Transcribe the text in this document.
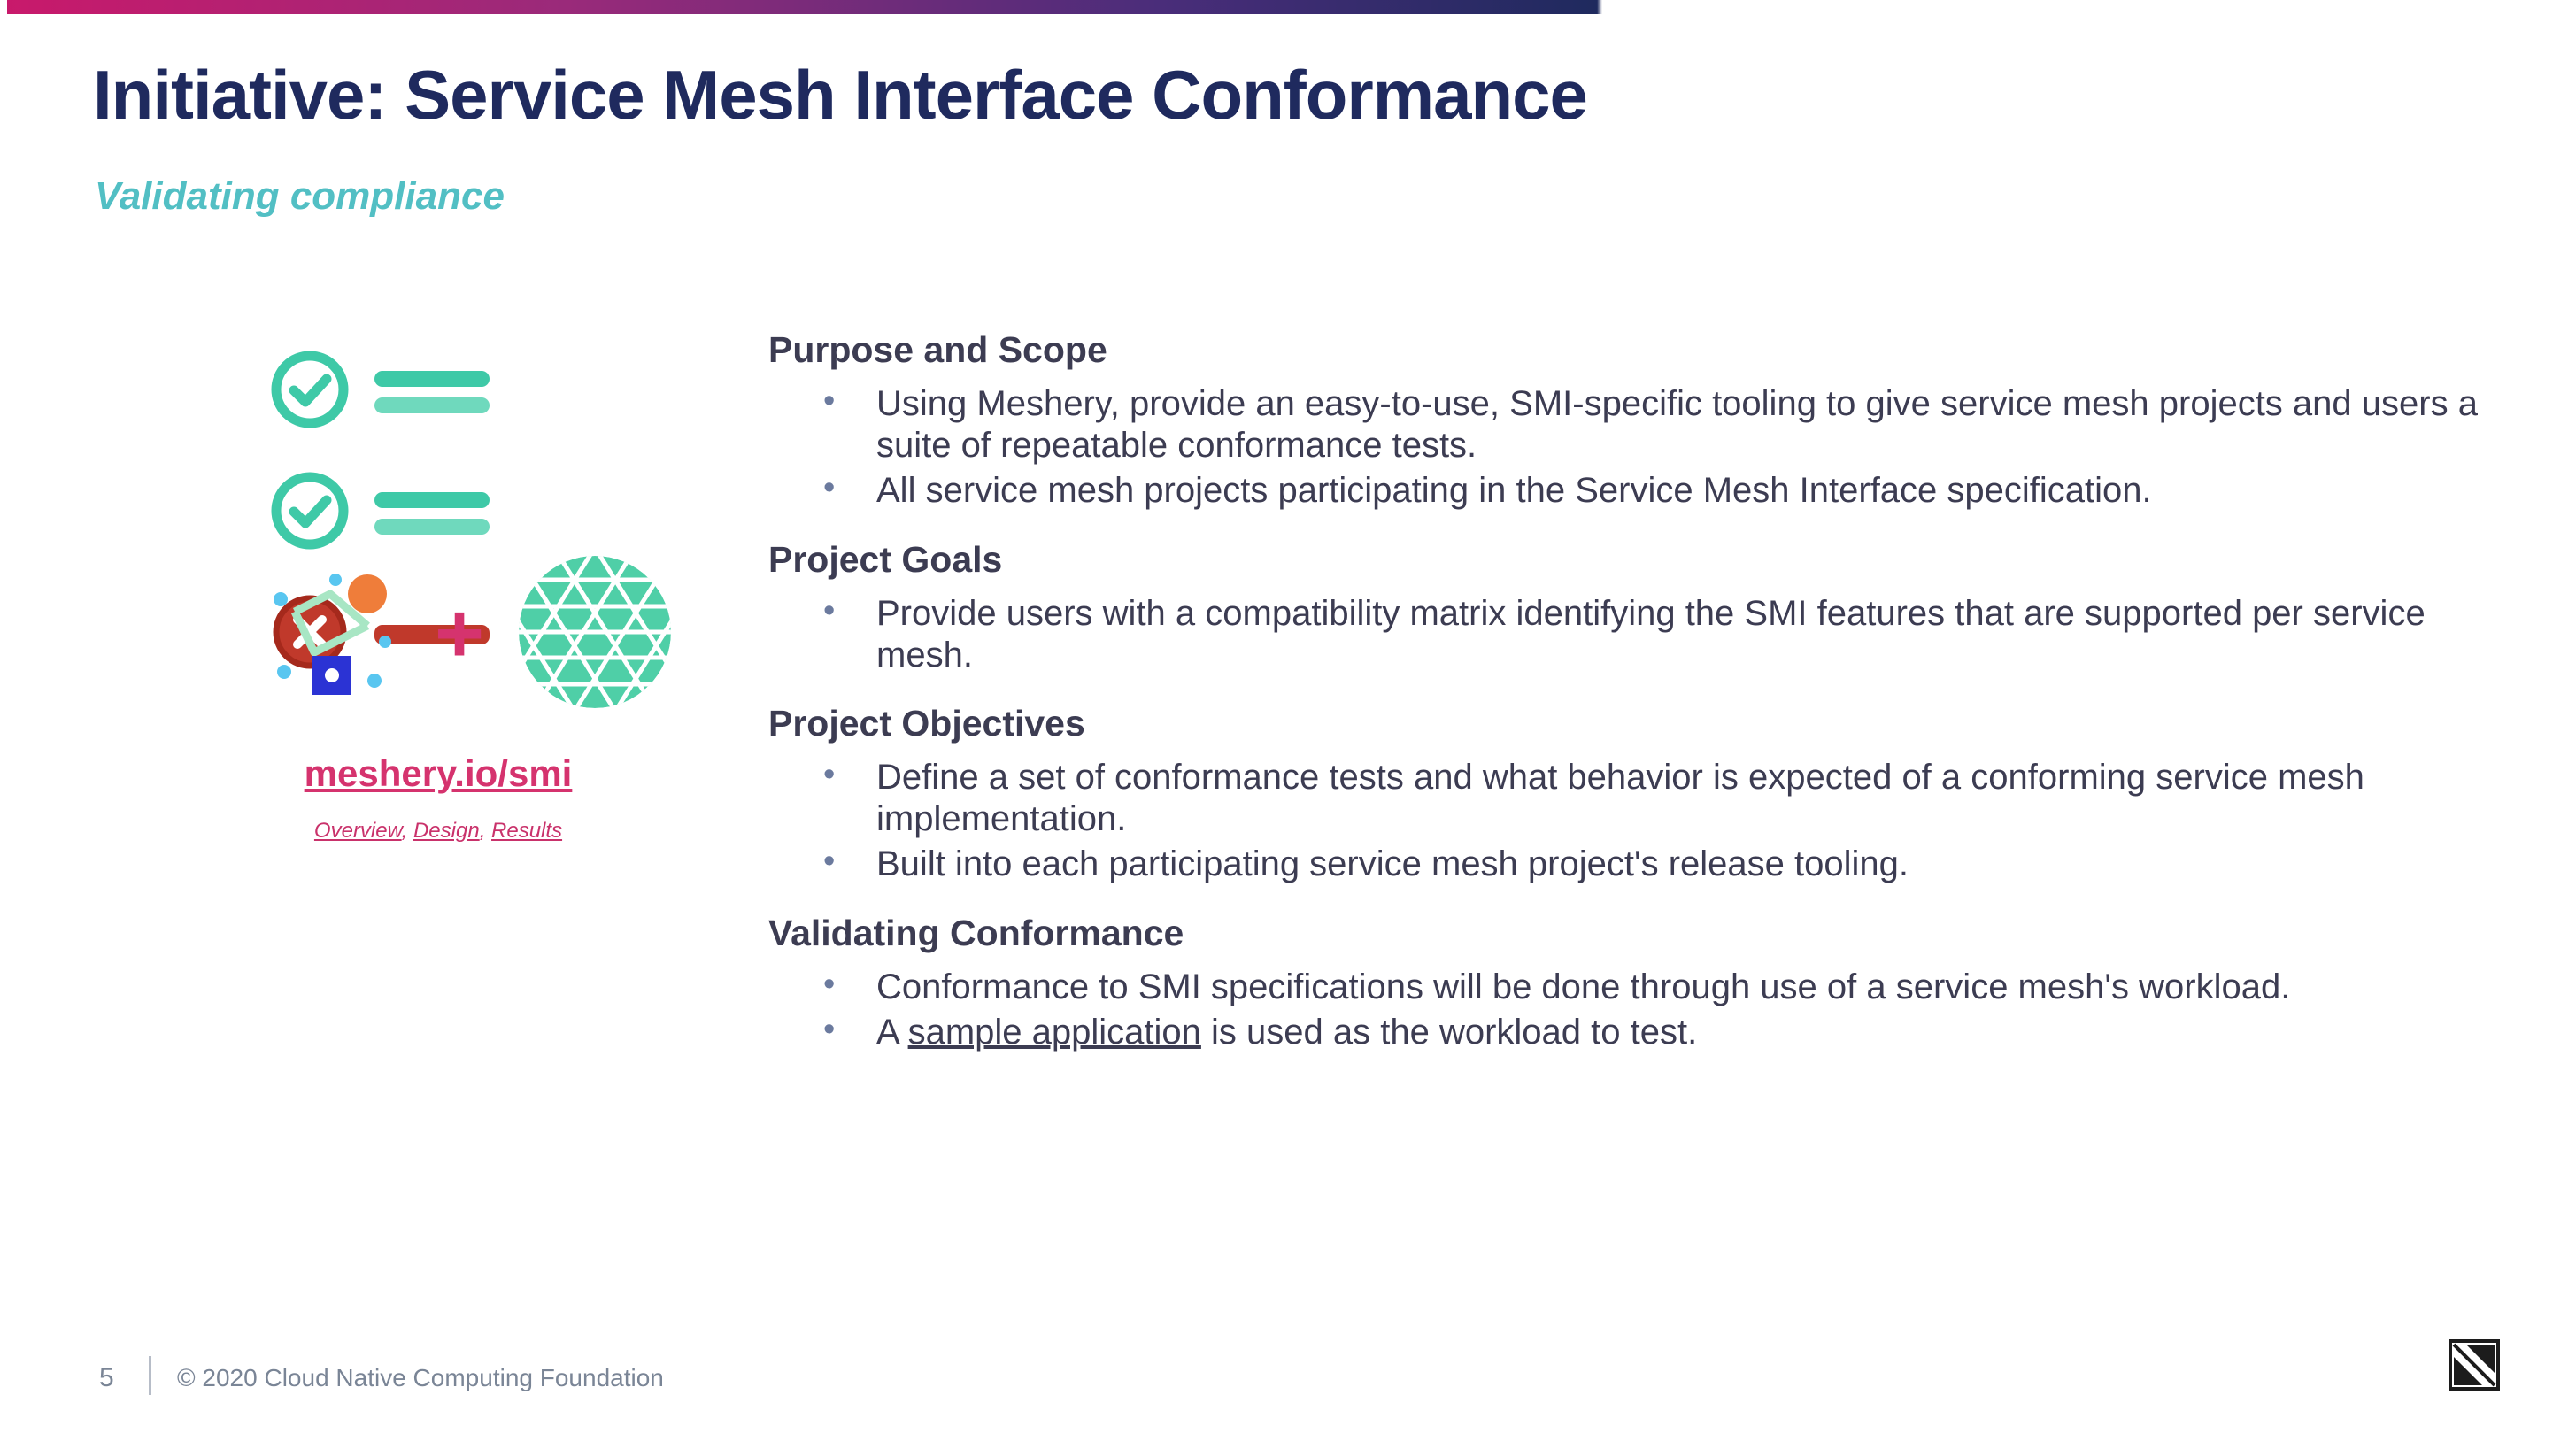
Initiative: Service Mesh Interface Conformance
Validating compliance
+
meshery.io/smi
Overview, Design, Results
Purpose and Scope
• Using Meshery, provide an easy-to-use, SMI-specific tooling to give service mesh projects and users a suite of repeatable conformance tests.
• All service mesh projects participating in the Service Mesh Interface specification.
Project Goals
• Provide users with a compatibility matrix identifying the SMI features that are supported per service mesh.
Project Objectives
• Define a set of conformance tests and what behavior is expected of a conforming service mesh implementation.
• Built into each participating service mesh project's release tooling.
Validating Conformance
• Conformance to SMI specifications will be done through use of a service mesh's workload.
• A sample application is used as the workload to test.
5	© 2020 Cloud Native Computing Foundation
